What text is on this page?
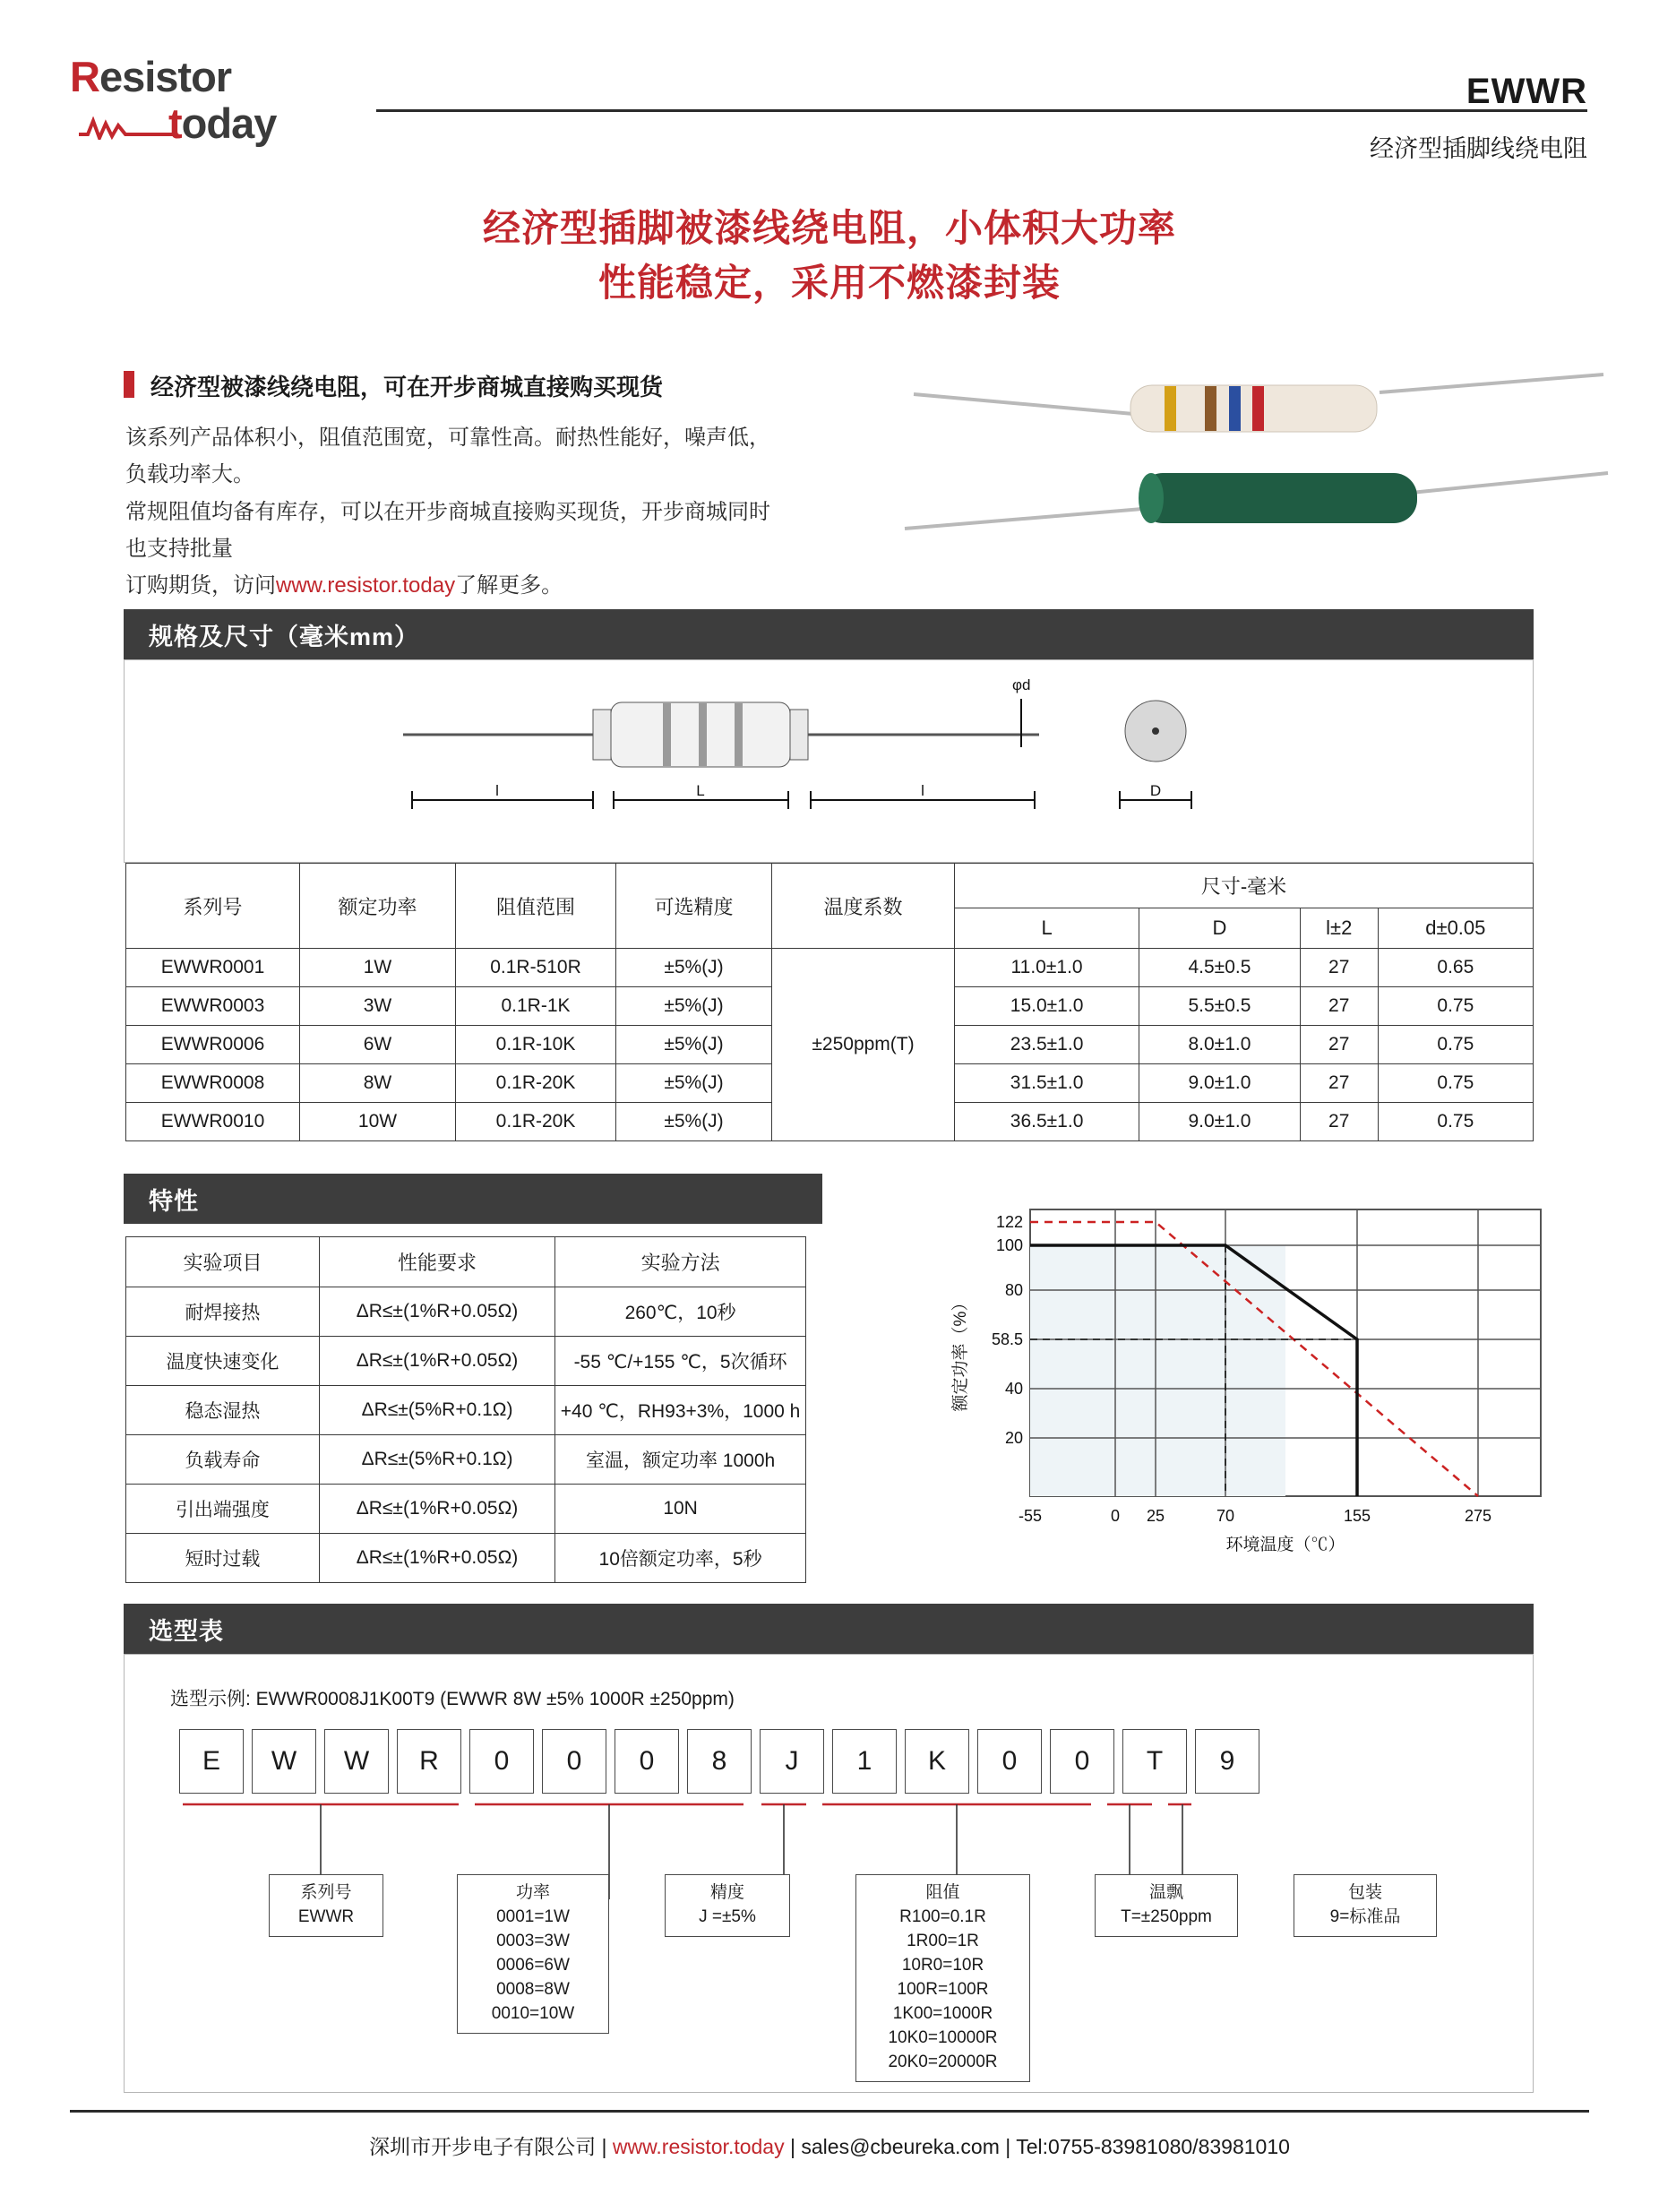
Resistor
today
EWWR
经济型插脚线绕电阻
经济型插脚被漆线绕电阻，小体积大功率
性能稳定，采用不燃漆封装
经济型被漆线绕电阻，可在开步商城直接购买现货
该系列产品体积小，阻值范围宽，可靠性高。耐热性能好，噪声低，负载功率大。
常规阻值均备有库存，可以在开步商城直接购买现货，开步商城同时也支持批量
订购期货，访问www.resistor.today了解更多。
规格及尺寸（毫米mm）
φd
l	L	l	D
系列号	额定功率	阻值范围	可选精度	温度系数	尺寸-毫米			
					L	D	l±2	d±0.05
EWWR0001	1W	0.1R-510R	±5%(J)	±250ppm(T)	11.0±1.0	4.5±0.5	27	0.65
EWWR0003	3W	0.1R-1K	±5%(J)		15.0±1.0	5.5±0.5	27	0.75
EWWR0006	6W	0.1R-10K	±5%(J)		23.5±1.0	8.0±1.0	27	0.75
EWWR0008	8W	0.1R-20K	±5%(J)		31.5±1.0	9.0±1.0	27	0.75
EWWR0010	10W	0.1R-20K	±5%(J)		36.5±1.0	9.0±1.0	27	0.75
特性
实验项目	性能要求	实验方法
耐焊接热	ΔR≤±(1%R+0.05Ω)	260℃，10秒
温度快速变化	ΔR≤±(1%R+0.05Ω)	-55 ℃/+155 ℃，5次循环
稳态湿热	ΔR≤±(5%R+0.1Ω)	+40 ℃，RH93+3%，1000 h
负载寿命	ΔR≤±(5%R+0.1Ω)	室温，额定功率 1000h
引出端强度	ΔR≤±(1%R+0.05Ω)	10N
短时过载	ΔR≤±(1%R+0.05Ω)	10倍额定功率，5秒
122
100
80
58.5
40
20
-55	0 25	70	155	275
环境温度（℃）
额定功率（%）
选型表
选型示例: EWWR0008J1K00T9 (EWWR 8W ±5% 1000R ±250ppm)
E	W	W	R	0	0	0	8	J	1	K	0	0	T	9
系列号
EWWR
功率
0001=1W
0003=3W
0006=6W
0008=8W
0010=10W
精度
J =±5%
阻值
R100=0.1R
1R00=1R
10R0=10R
100R=100R
1K00=1000R
10K0=10000R
20K0=20000R
温飘
T=±250ppm
包装
9=标准品
深圳市开步电子有限公司 | www.resistor.today | sales@cbeureka.com | Tel:0755-83981080/83981010
